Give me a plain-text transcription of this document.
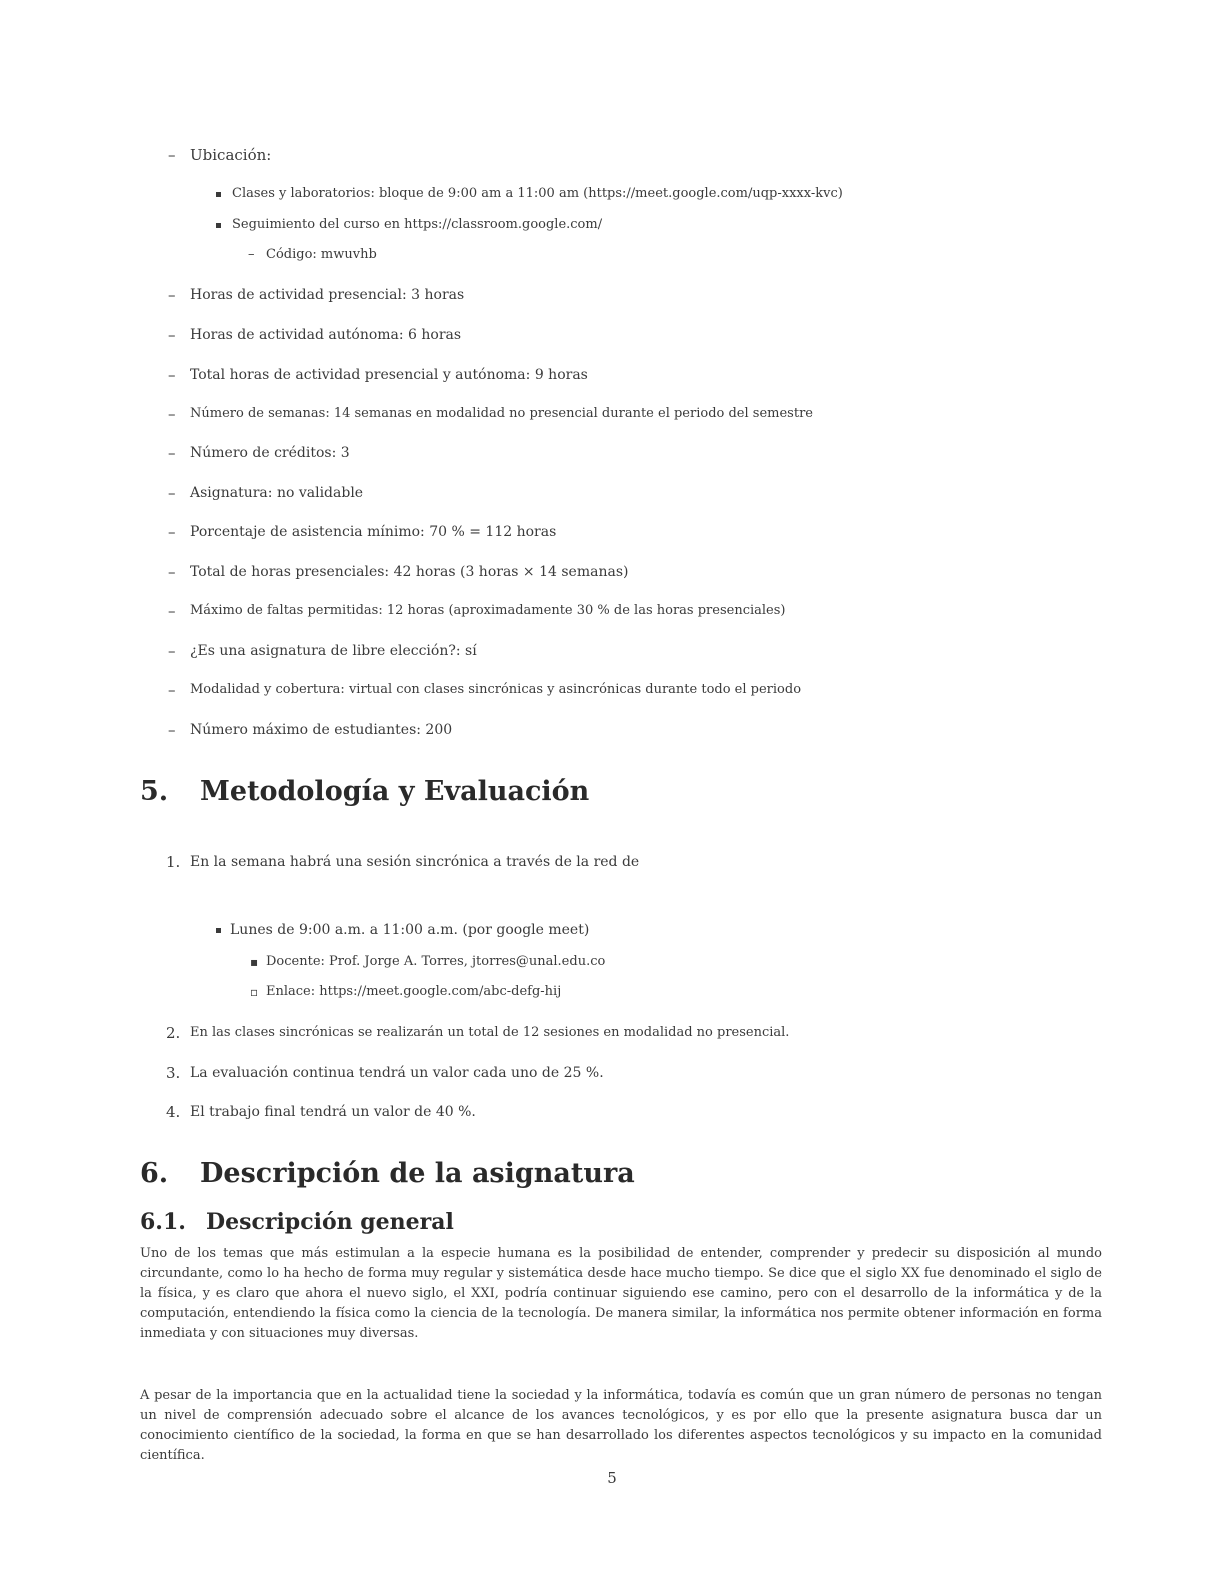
– Ubicación:
Clases y laboratorios: bloque de 9:00 am a 11:00 am (https://meet.google.com/uqp-xxxx-kvc)
Seguimiento del curso en https://classroom.google.com/
– Código: mwuvhb
– Horas de actividad presencial: 3 horas
– Horas de actividad autónoma: 6 horas
– Total horas de actividad presencial y autónoma: 9 horas
– Número de semanas: 14 semanas en modalidad no presencial durante el periodo del semestre
– Número de créditos: 3
– Asignatura: no validable
– Porcentaje de asistencia mínimo: 70 % = 112 horas
– Total de horas presenciales: 42 horas (3 horas × 14 semanas)
– Máximo de faltas permitidas: 12 horas (aproximadamente 30 % de las horas presenciales)
– ¿Es una asignatura de libre elección?: sí
– Modalidad y cobertura: virtual con clases sincrónicas y asincrónicas durante todo el periodo
– Número máximo de estudiantes: 200
5. Metodología y Evaluación
1. En la semana habrá una sesión sincrónica a través de la red de
Lunes de 9:00 a.m. a 11:00 a.m. (por google meet)
▪ Docente: Prof. Jorge A. Torres, jtorres@unal.edu.co
▫ Enlace: https://meet.google.com/abc-defg-hij
2. En las clases sincrónicas se realizarán un total de 12 sesiones en modalidad no presencial.
3. La evaluación continua tendrá un valor cada uno de 25 %.
4. El trabajo final tendrá un valor de 40 %.
6. Descripción de la asignatura
6.1. Descripción general

Uno de los temas que más estimulan a la especie humana es la posibilidad de entender, comprender y predecir su disposición al mundo circundante, como lo ha hecho de forma muy regular y sistemática desde hace mucho tiempo. Se dice que el siglo XX fue denominado el siglo de la física, y es claro que ahora el nuevo siglo, el XXI, podría continuar siguiendo ese camino, pero con el desarrollo de la informática y de la computación, entendiendo la física como la ciencia de la tecnología. De manera similar, la informática nos permite obtener información en forma inmediata y con situaciones muy diversas.

A pesar de la importancia que en la actualidad tiene la sociedad y la informática, todavía es común que un gran número de personas no tengan un nivel de comprensión adecuado sobre el alcance de los avances tecnológicos, y es por ello que la presente asignatura busca dar un conocimiento científico de la sociedad, la forma en que se han desarrollado los diferentes aspectos tecnológicos y su impacto en la comunidad científica.

5
